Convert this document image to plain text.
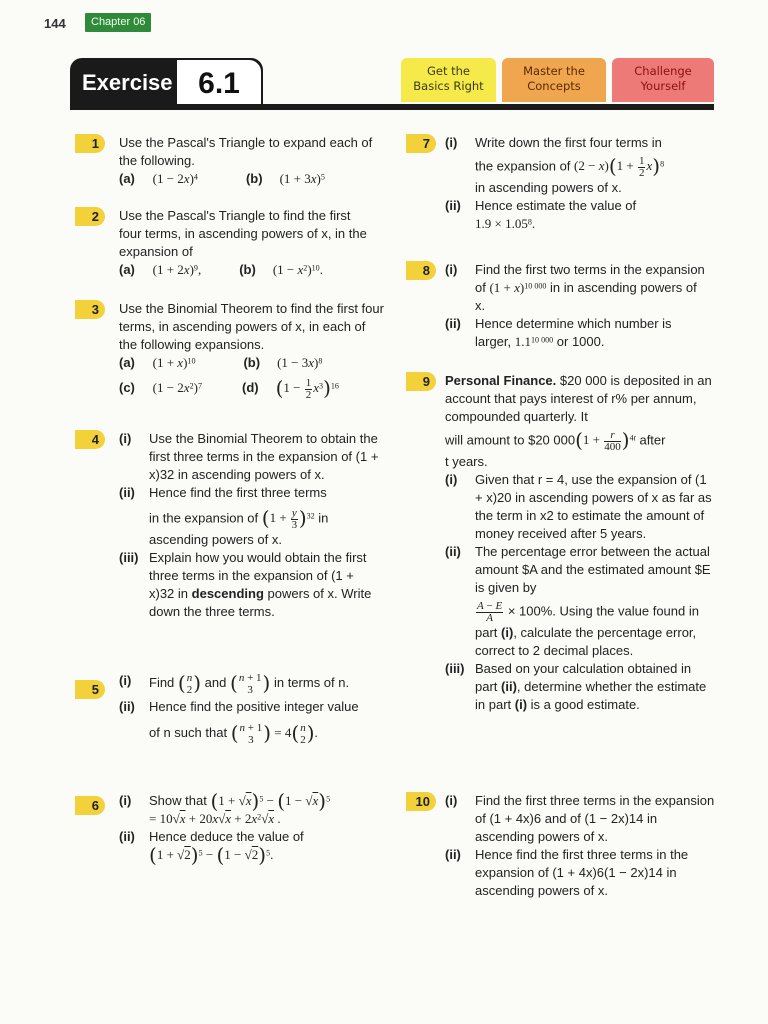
144	Chapter 06
Exercise 6.1	Get the
Basics Right
Master the
Concepts
Challenge
Yourself
1	Use the Pascal's Triangle to expand each of the following.
(a) $(1 - 2x)^4$	(b) $(1 + 3x)^5$
2	Use the Pascal's Triangle to find the first four terms, in ascending powers of x, in the expansion of
(a) $(1 + 2x)^9$,	(b) $(1 - x^2)^{10}$.
3	Use the Binomial Theorem to find the first four terms, in ascending powers of x, in each of the following expansions.
(a) $(1 + x)^{10}$	(b) $(1 - 3x)^8$
(c) $(1 - 2x^2)^7$	(d) $(1 - \frac{1}{2} x^3)^{16}$
4	(i)	Use the Binomial Theorem to obtain the first three terms in the expansion of (1 + x)32 in ascending powers of x.
(ii)	Hence find the first three terms
in the expansion of $(1 + \frac{y}{3} )^{32}$ in
ascending powers of x.
(iii) Explain how you would obtain the first three terms in the expansion of (1 + x)32 in descending powers of x. Write down the three terms.
5
(i)	Find (n
2) and (n + 1
3 ) in terms of n.
(ii)	Hence find the positive integer value
of n such that (n + 1
3 ) = 4(n
2).
6	(i)	Show that $(1 + √x)^5 - (1 - √x)^5$
= $10√x + 20x√x + 2x^2√x$ .
(ii)	Hence deduce the value of
$(1 + √2)^5 - (1 - √2)^5$.
7	(i)	Write down the first four terms in
the expansion of $(2 - x)(1 + \frac{1}{2} x)^8$
in ascending powers of x.
(ii)	Hence estimate the value of
$1.9 \times 1.05^8$.
8	(i)	Find the first two terms in the expansion of $(1 + x)^{10 000}$ in in ascending powers of x.
(ii)	Hence determine which number is larger, $1.1^{10 000}$ or 1000.
9	Personal Finance. $20 000 is deposited in an account that pays interest of r% per annum, compounded quarterly. It
will amount to $20 $000(1 + \frac{r}{400} )^{4t}$ after
t years.
(i)	Given that r = 4, use the expansion of (1 + x)20 in ascending powers of x as far as the term in x2 to estimate the amount of money received after 5 years.
(ii)	The percentage error between the actual amount $A and the estimated amount $E is given by
$\frac{A - E}{A} \times 100\%$. Using the value found in part (i), calculate the percentage error, correct to 2 decimal places.
(iii) Based on your calculation obtained in part (ii), determine whether the estimate in part (i) is a good estimate.
10	(i)	Find the first three terms in the expansion of (1 + 4x)6 and of (1 − 2x)14 in ascending powers of x.
(ii)	Hence find the first three terms in the expansion of (1 + 4x)6(1 − 2x)14 in ascending powers of x.
